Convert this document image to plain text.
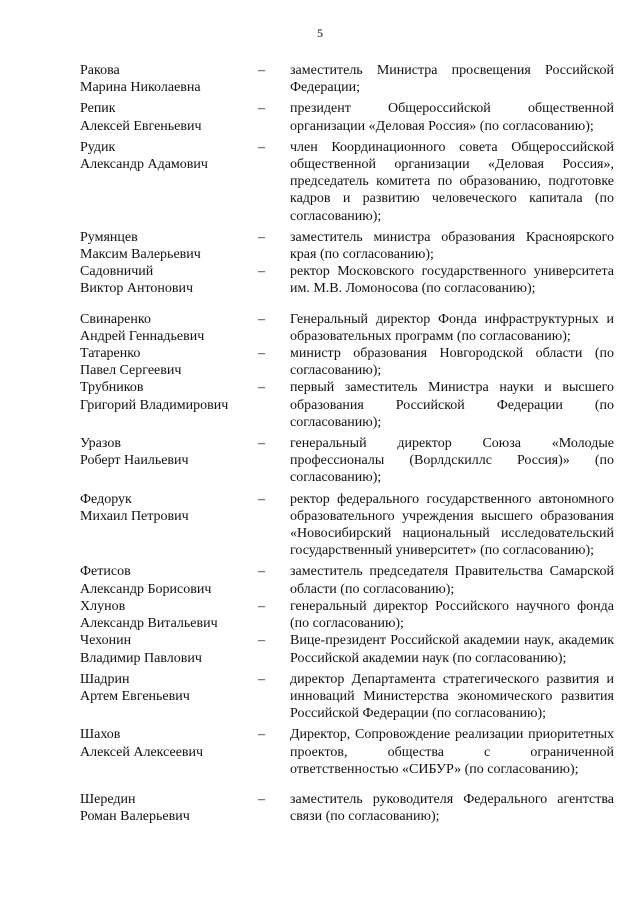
5
Ракова
Марина Николаевна
–	заместитель Министра просвещения Российской Федерации;
Репик
Алексей Евгеньевич
–	президент Общероссийской общественной организации «Деловая Россия» (по согласованию);
Рудик
Александр Адамович
–	член Координационного совета Общероссийской общественной организации «Деловая Россия», председатель комитета по образованию, подготовке кадров и развитию человеческого капитала (по согласованию);
Румянцев
Максим Валерьевич
–	заместитель министра образования Красноярского края (по согласованию);
Садовничий
Виктор Антонович
–	ректор Московского государственного университета им. М.В. Ломоносова (по согласованию);
Свинаренко
Андрей Геннадьевич
–	Генеральный директор Фонда инфраструктурных и образовательных программ (по согласованию);
Татаренко
Павел Сергеевич
–	министр образования Новгородской области (по согласованию);
Трубников
Григорий Владимирович
–	первый заместитель Министра науки и высшего образования Российской Федерации (по согласованию);
Уразов
Роберт Наильевич
–	генеральный директор Союза «Молодые профессионалы (Ворлдскиллс Россия)» (по согласованию);
Федорук
Михаил Петрович
–	ректор федерального государственного автономного образовательного учреждения высшего образования «Новосибирский национальный исследовательский государственный университет» (по согласованию);
Фетисов
Александр Борисович
–	заместитель председателя Правительства Самарской области (по согласованию);
Хлунов
Александр Витальевич
–	генеральный директор Российского научного фонда (по согласованию);
Чехонин
Владимир Павлович
–	Вице-президент Российской академии наук, академик Российской академии наук (по согласованию);
Шадрин
Артем Евгеньевич
–	директор Департамента стратегического развития и инноваций Министерства экономического развития Российской Федерации (по согласованию);
Шахов
Алексей Алексеевич
–	Директор, Сопровождение реализации приоритетных проектов, общества с ограниченной ответственностью «СИБУР» (по согласованию);
Шередин
Роман Валерьевич
–	заместитель руководителя Федерального агентства связи (по согласованию);
